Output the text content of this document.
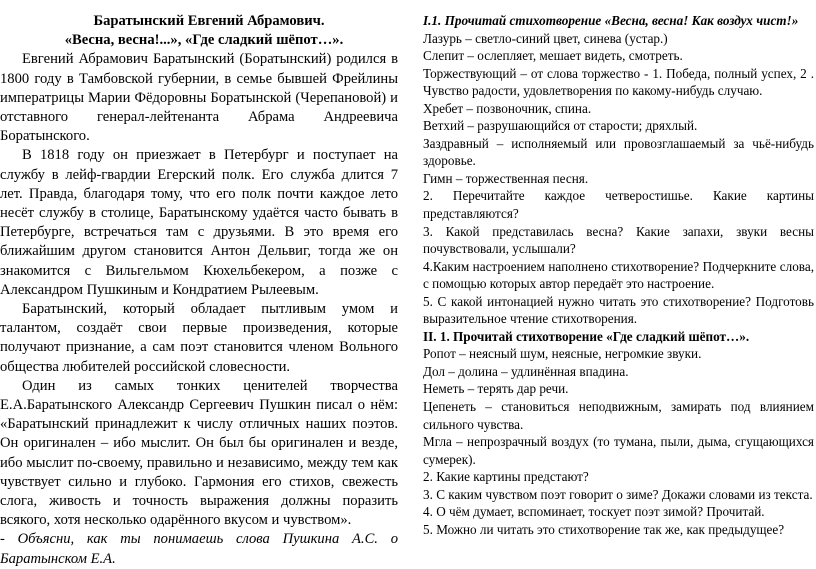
Баратынский Евгений Абрамович.
«Весна, весна!...», «Где сладкий шёпот…».
Евгений Абрамович Баратынский (Боратынский) родился в 1800 году в Тамбовской губернии, в семье бывшей Фрейлины императрицы Марии Фёдоровны Боратынской (Черепановой) и отставного генерал-лейтенанта Абрама Андреевича Боратынского.
В 1818 году он приезжает в Петербург и поступает на службу в лейф-гвардии Егерский полк. Его служба длится 7 лет. Правда, благодаря тому, что его полк почти каждое лето несёт службу в столице, Баратынскому удаётся часто бывать в Петербурге, встречаться там с друзьями. В это время его ближайшим другом становится Антон Дельвиг, тогда же он знакомится с Вильгельмом Кюхельбекером, а позже с Александром Пушкиным и Кондратием Рылеевым.
Баратынский, который обладает пытливым умом и талантом, создаёт свои первые произведения, которые получают признание, а сам поэт становится членом Вольного общества любителей российской словесности.
Один из самых тонких ценителей творчества Е.А.Баратынского Александр Сергеевич Пушкин писал о нём: «Баратынский принадлежит к числу отличных наших поэтов. Он оригинален – ибо мыслит. Он был бы оригинален и везде, ибо мыслит по-своему, правильно и независимо, между тем как чувствует сильно и глубоко. Гармония его стихов, свежесть слога, живость и точность выражения должны поразить всякого, хотя несколько одарённого вкусом и чувством».
- Объясни, как ты понимаешь слова Пушкина А.С. о Баратынском Е.А.
I.1. Прочитай стихотворение «Весна, весна! Как воздух чист!»
Лазурь – светло-синий цвет, синева (устар.)
Слепит – ослепляет, мешает видеть, смотреть.
Торжествующий – от слова торжество - 1. Победа, полный успех, 2 . Чувство радости, удовлетворения по какому-нибудь случаю.
Хребет – позвоночник, спина.
Ветхий – разрушающийся от старости; дряхлый.
Заздравный – исполняемый или провозглашаемый за чьё-нибудь здоровье.
Гимн – торжественная песня.
2. Перечитайте каждое четверостишье. Какие картины представляются?
3. Какой представилась весна? Какие запахи, звуки весны почувствовали, услышали?
4.Каким настроением наполнено стихотворение? Подчеркните слова, с помощью которых автор передаёт это настроение.
5. С какой интонацией нужно читать это стихотворение? Подготовь выразительное чтение стихотворения.
II. 1. Прочитай стихотворение «Где сладкий шёпот…».
Ропот – неясный шум, неясные, негромкие звуки.
Дол – долина – удлинённая впадина.
Неметь – терять дар речи.
Цепенеть – становиться неподвижным, замирать под влиянием сильного чувства.
Мгла – непрозрачный воздух (то тумана, пыли, дыма, сгущающихся сумерек).
2. Какие картины предстают?
3. С каким чувством поэт говорит о зиме? Докажи словами из текста.
4. О чём думает, вспоминает, тоскует поэт зимой? Прочитай.
5. Можно ли читать это стихотворение так же, как предыдущее?
